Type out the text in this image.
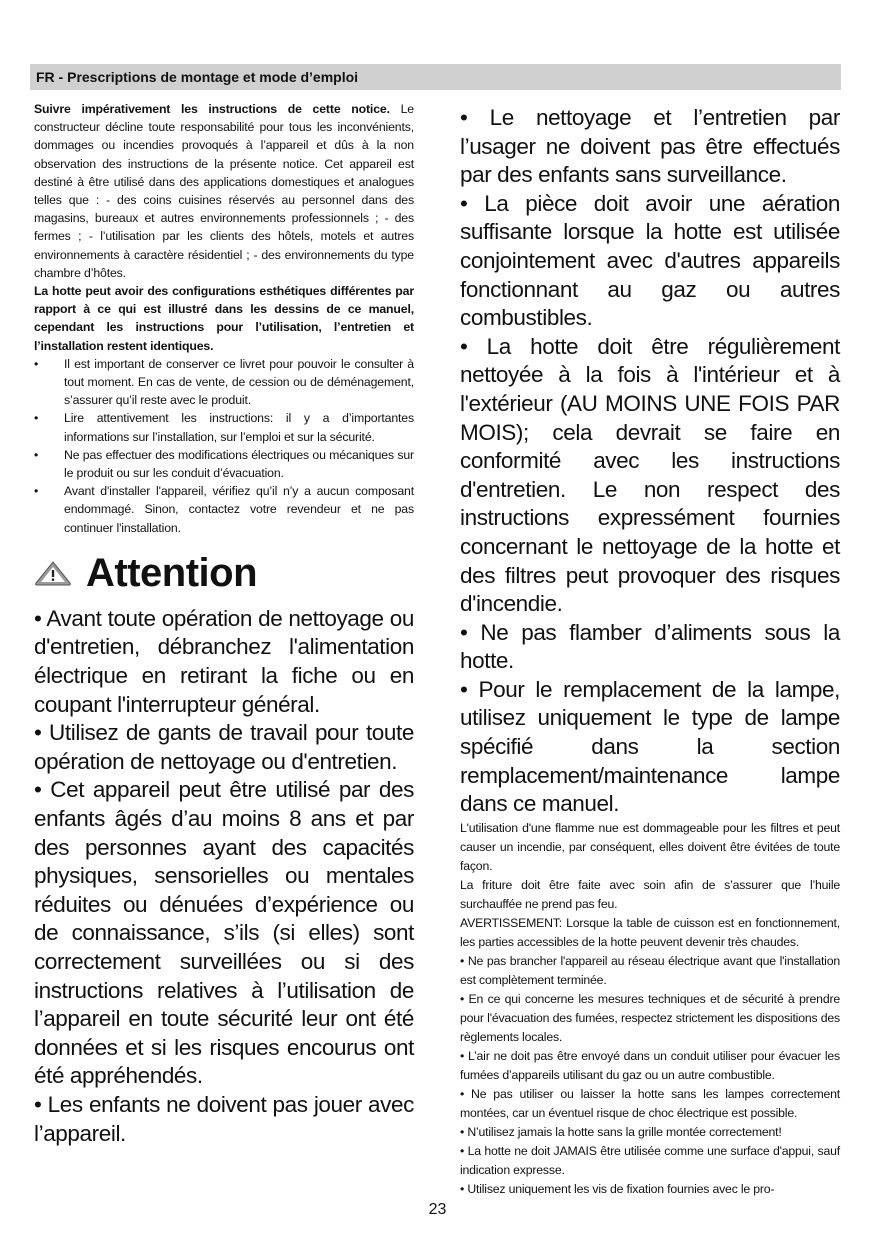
FR - Prescriptions de montage et mode d’emploi

Suivre impérativement les instructions de cette notice. Le constructeur décline toute responsabilité pour tous les inconvénients, dommages ou incendies provoqués à l’appareil et dûs à la non observation des instructions de la présente notice. Cet appareil est destiné à être utilisé dans des applications domestiques et analogues telles que : - des coins cuisines réservés au personnel dans des magasins, bureaux et autres environnements professionnels ; - des fermes ; - l’utilisation par les clients des hôtels, motels et autres environnements à caractère résidentiel ; - des environnements du type chambre d’hôtes.

La hotte peut avoir des configurations esthétiques différentes par rapport à ce qui est illustré dans les dessins de ce manuel, cependant les instructions pour l’utilisation, l’entretien et l’installation restent identiques.

• Il est important de conserver ce livret pour pouvoir le consulter à tout moment. En cas de vente, de cession ou de déménagement, s’assurer qu’il reste avec le produit.
• Lire attentivement les instructions: il y a d’importantes informations sur l’installation, sur l’emploi et sur la sécurité.
• Ne pas effectuer des modifications électriques ou mécaniques sur le produit ou sur les conduit d’évacuation.
• Avant d'installer l'appareil, vérifiez qu’il n’y a aucun composant endommagé. Sinon, contactez votre revendeur et ne pas continuer l'installation.
Attention

• Avant toute opération de nettoyage ou d'entretien, débranchez l'alimentation électrique en retirant la fiche ou en coupant l'interrupteur général.

• Utilisez de gants de travail pour toute opération de nettoyage ou d'entretien.

• Cet appareil peut être utilisé par des enfants âgés d’au moins 8 ans et par des personnes ayant des capacités physiques, sensorielles ou mentales réduites ou dénuées d’expérience ou de connaissance, s’ils (si elles) sont correctement surveillées ou si des instructions relatives à l’utilisation de l’appareil en toute sécurité leur ont été données et si les risques encourus ont été appréhendés.

• Les enfants ne doivent pas jouer avec l’appareil.

• Le nettoyage et l’entretien par l’usager ne doivent pas être effectués par des enfants sans surveillance.

• La pièce doit avoir une aération suffisante lorsque la hotte est utilisée conjointement avec d'autres appareils fonctionnant au gaz ou autres combustibles.

• La hotte doit être régulièrement nettoyée à la fois à l'intérieur et à l'extérieur (AU MOINS UNE FOIS PAR MOIS); cela devrait se faire en conformité avec les instructions d'entretien. Le non respect des instructions expressément fournies concernant le nettoyage de la hotte et des filtres peut provoquer des risques d'incendie.

• Ne pas flamber d’aliments sous la hotte.

• Pour le remplacement de la lampe, utilisez uniquement le type de lampe spécifié dans la section remplacement/maintenance lampe dans ce manuel.

L'utilisation d'une flamme nue est dommageable pour les filtres et peut causer un incendie, par conséquent, elles doivent être évitées de toute façon.

La friture doit être faite avec soin afin de s’assurer que l’huile surchauffée ne prend pas feu.

AVERTISSEMENT: Lorsque la table de cuisson est en fonctionnement, les parties accessibles de la hotte peuvent devenir très chaudes.

• Ne pas brancher l'appareil au réseau électrique avant que l'installation est complètement terminée.

• En ce qui concerne les mesures techniques et de sécurité à prendre pour l'évacuation des fumées, respectez strictement les dispositions des règlements locales.

• L’air ne doit pas être envoyé dans un conduit utiliser pour évacuer les fumées d’appareils utilisant du gaz ou un autre combustible.

• Ne pas utiliser ou laisser la hotte sans les lampes correctement montées, car un éventuel risque de choc électrique est possible.

• N’utilisez jamais la hotte sans la grille montée correctement!

• La hotte ne doit JAMAIS être utilisée comme une surface d'appui, sauf indication expresse.

• Utilisez uniquement les vis de fixation fournies avec le pro-

23
